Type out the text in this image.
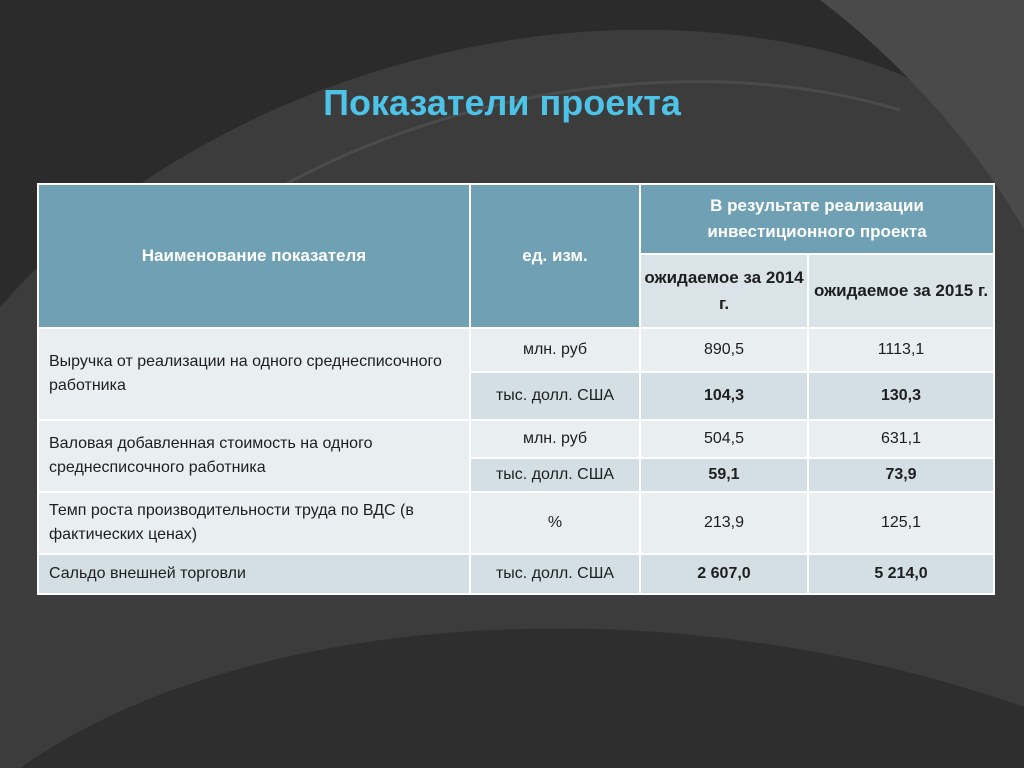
Показатели проекта
Наименование показателя	ед. изм.	В результате реализации инвестиционного проекта	
		ожидаемое за 2014 г.	ожидаемое за 2015 г.
Выручка от реализации на одного среднесписочного работника	млн. руб	890,5	1113,1
	тыс. долл. США	104,3	130,3
Валовая добавленная стоимость на одного среднесписочного работника	млн. руб	504,5	631,1
	тыс. долл. США	59,1	73,9
Темп роста производительности труда по ВДС (в фактических ценах)	%	213,9	125,1
Сальдо внешней торговли	тыс. долл. США	2 607,0	5 214,0
